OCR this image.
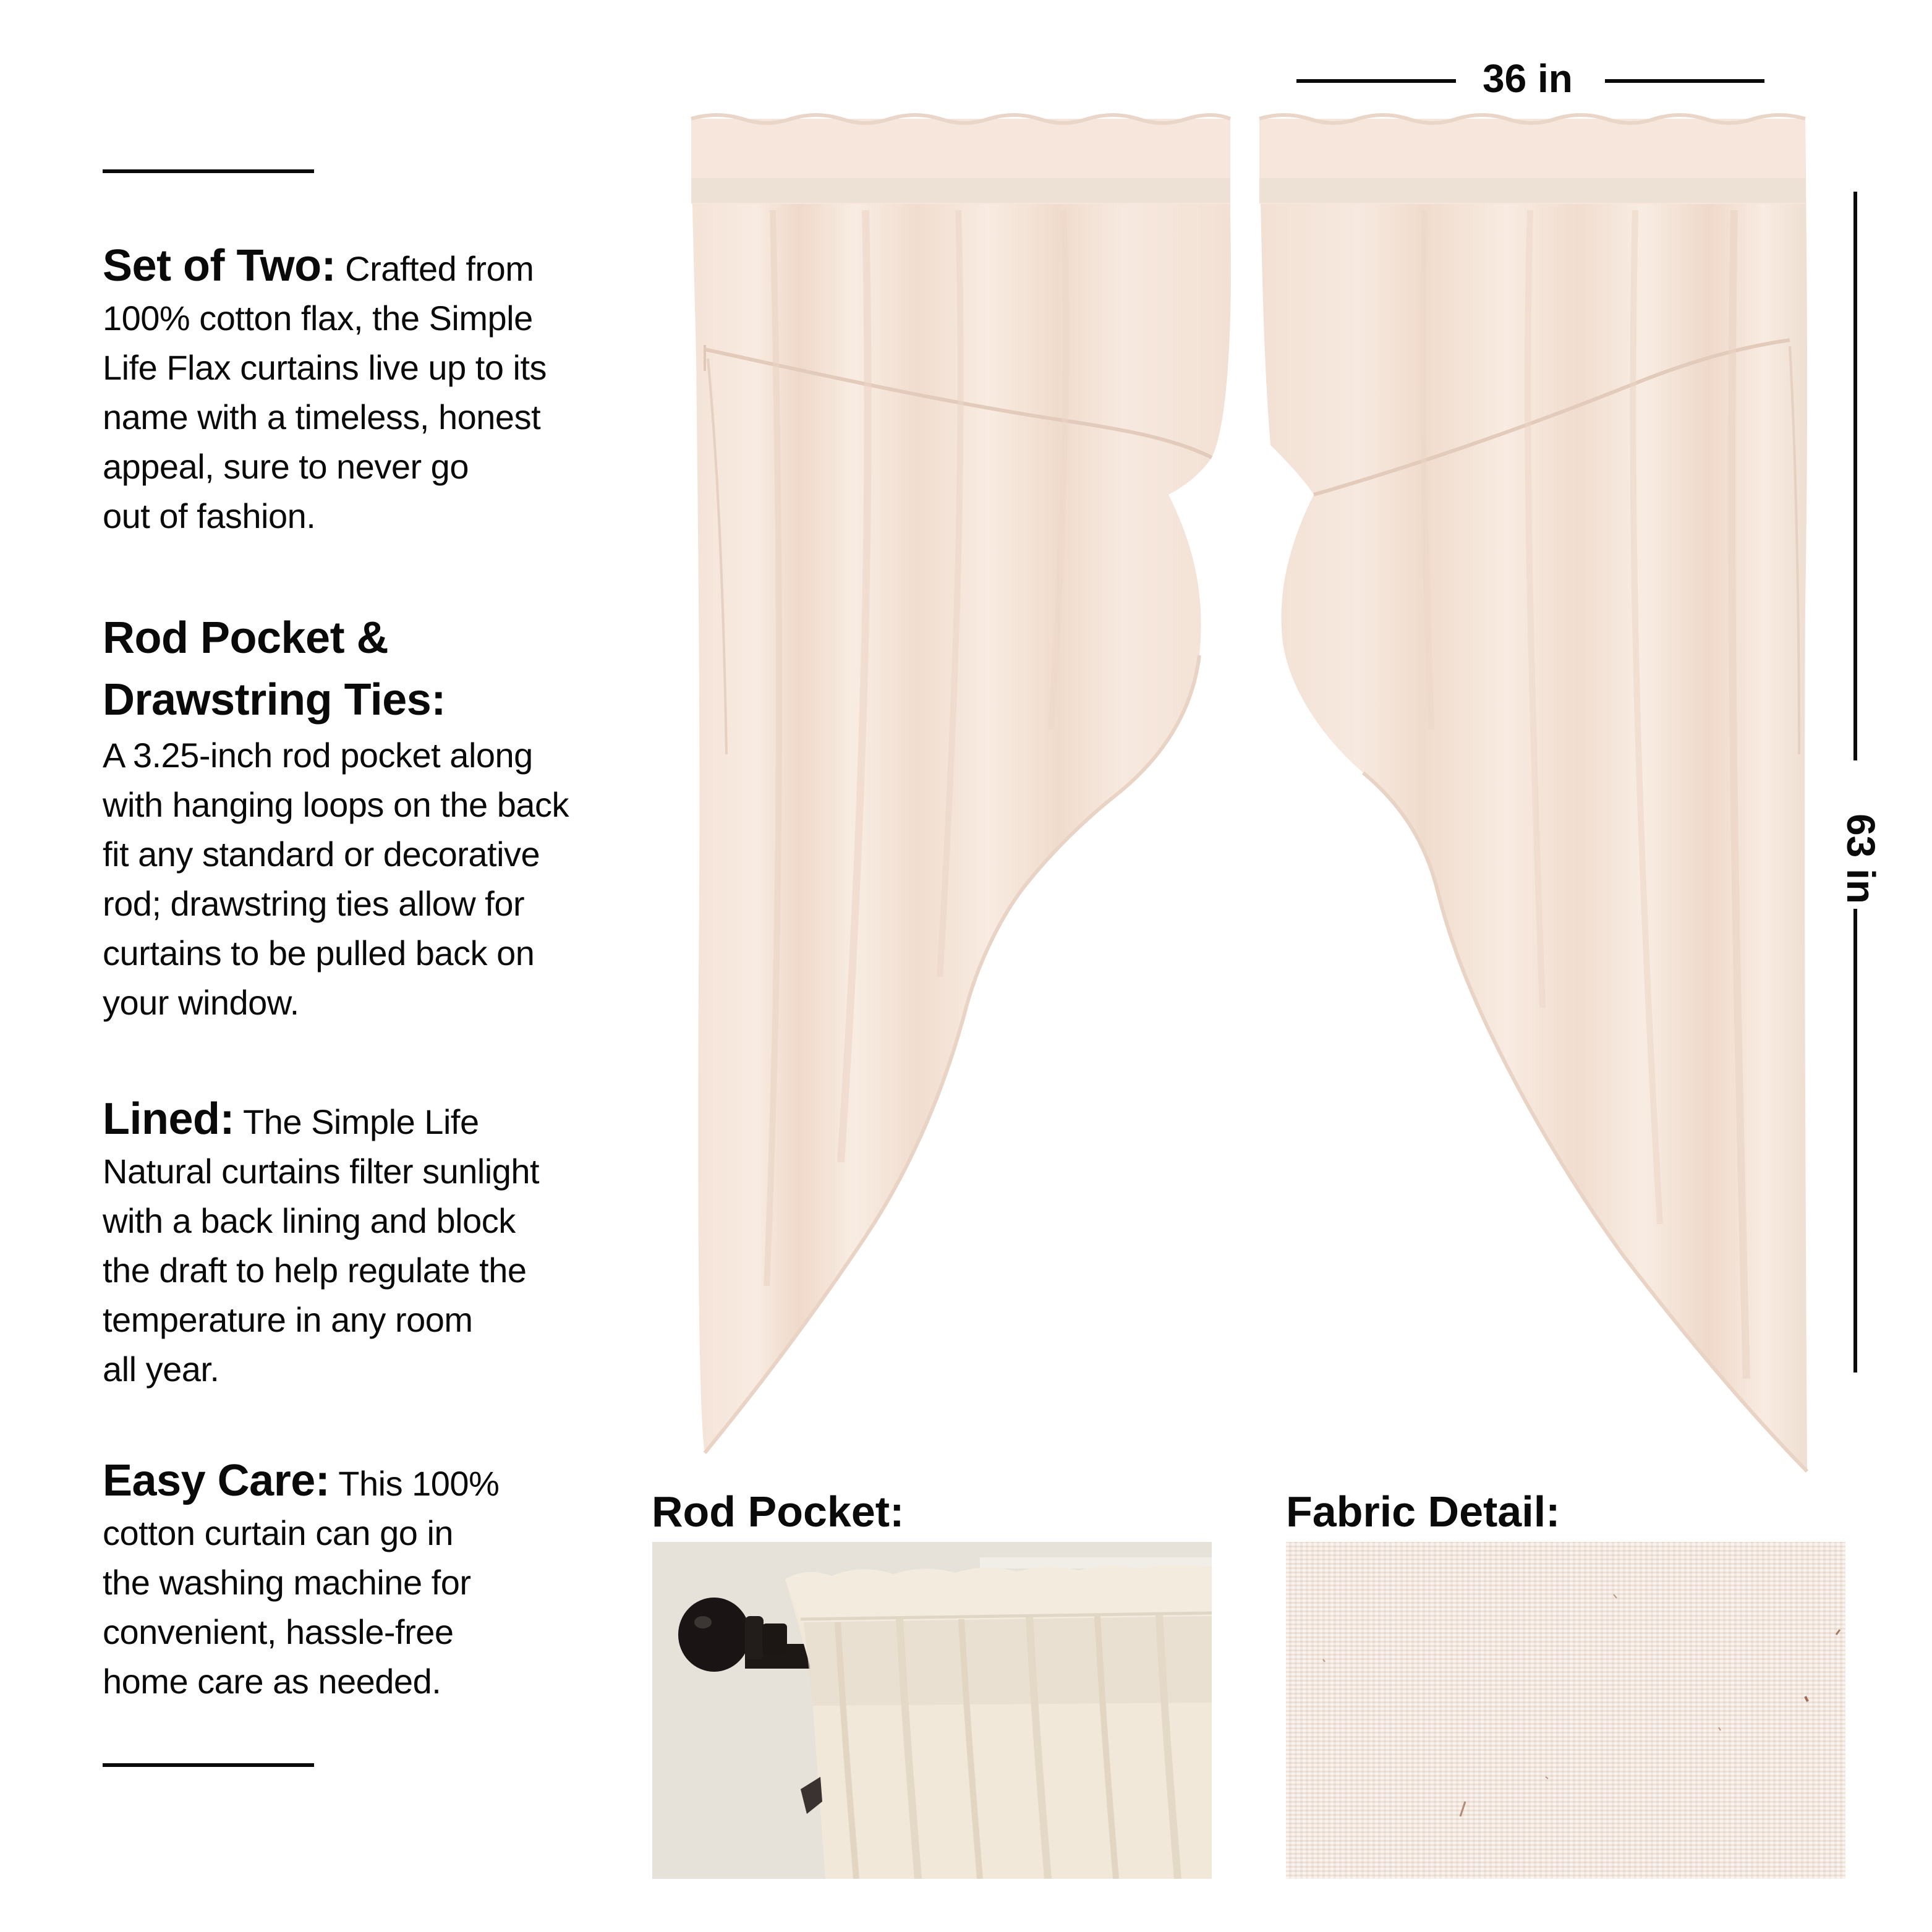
Set of Two: Crafted from
100% cotton flax, the Simple
Life Flax curtains live up to its
name with a timeless, honest
appeal, sure to never go
out of fashion.
Rod Pocket &
Drawstring Ties:
A 3.25-inch rod pocket along
with hanging loops on the back
fit any standard or decorative
rod; drawstring ties allow for
curtains to be pulled back on
your window.
Lined: The Simple Life
Natural curtains filter sunlight
with a back lining and block
the draft to help regulate the
temperature in any room
all year.
Easy Care: This 100%
cotton curtain can go in
the washing machine for
convenient, hassle-free
home care as needed.
36 in
63 in
Rod Pocket:	Fabric Detail:
